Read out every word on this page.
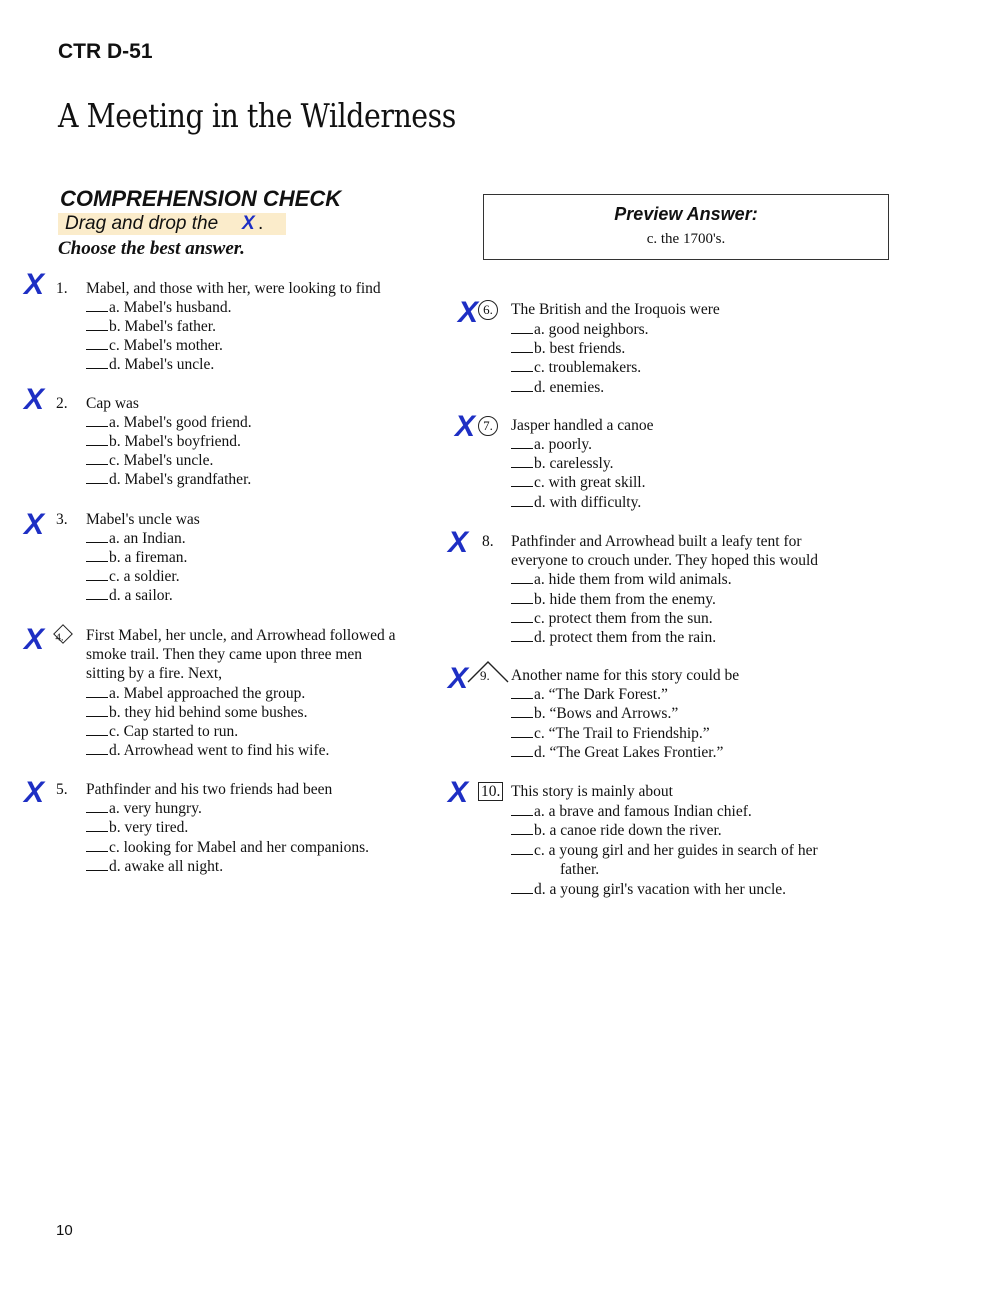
CTR D-51
A Meeting in the Wilderness
COMPREHENSION CHECK
Drag and drop the X .
Choose the best answer.
Preview Answer:
c. the 1700's.
X 1.	Mabel, and those with her, were looking to find
a. Mabel's husband.
b. Mabel's father.
c. Mabel's mother.
d. Mabel's uncle.
X 2.	Cap was
a. Mabel's good friend.
b. Mabel's boyfriend.
c. Mabel's uncle.
d. Mabel's grandfather.
X 3.	Mabel's uncle was
a. an Indian.
b. a fireman.
c. a soldier.
d. a sailor.
X 4.	First Mabel, her uncle, and Arrowhead followed a
smoke trail. Then they came upon three men
sitting by a fire. Next,
a. Mabel approached the group.
b. they hid behind some bushes.
c. Cap started to run.
d. Arrowhead went to find his wife.
X 5.	Pathfinder and his two friends had been
a. very hungry.
b. very tired.
c. looking for Mabel and her companions.
d. awake all night.
X 6.	The British and the Iroquois were
a. good neighbors.
b. best friends.
c. troublemakers.
d. enemies.
X 7.	Jasper handled a canoe
a. poorly.
b. carelessly.
c. with great skill.
d. with difficulty.
X 8.	Pathfinder and Arrowhead built a leafy tent for
everyone to crouch under. They hoped this would
a. hide them from wild animals.
b. hide them from the enemy.
c. protect them from the sun.
d. protect them from the rain.
X 9.	Another name for this story could be
a. “The Dark Forest.”
b. “Bows and Arrows.”
c. “The Trail to Friendship.”
d. “The Great Lakes Frontier.”
X 10. This story is mainly about
a. a brave and famous Indian chief.
b. a canoe ride down the river.
c. a young girl and her guides in search of her
father.
d. a young girl's vacation with her uncle.
10
